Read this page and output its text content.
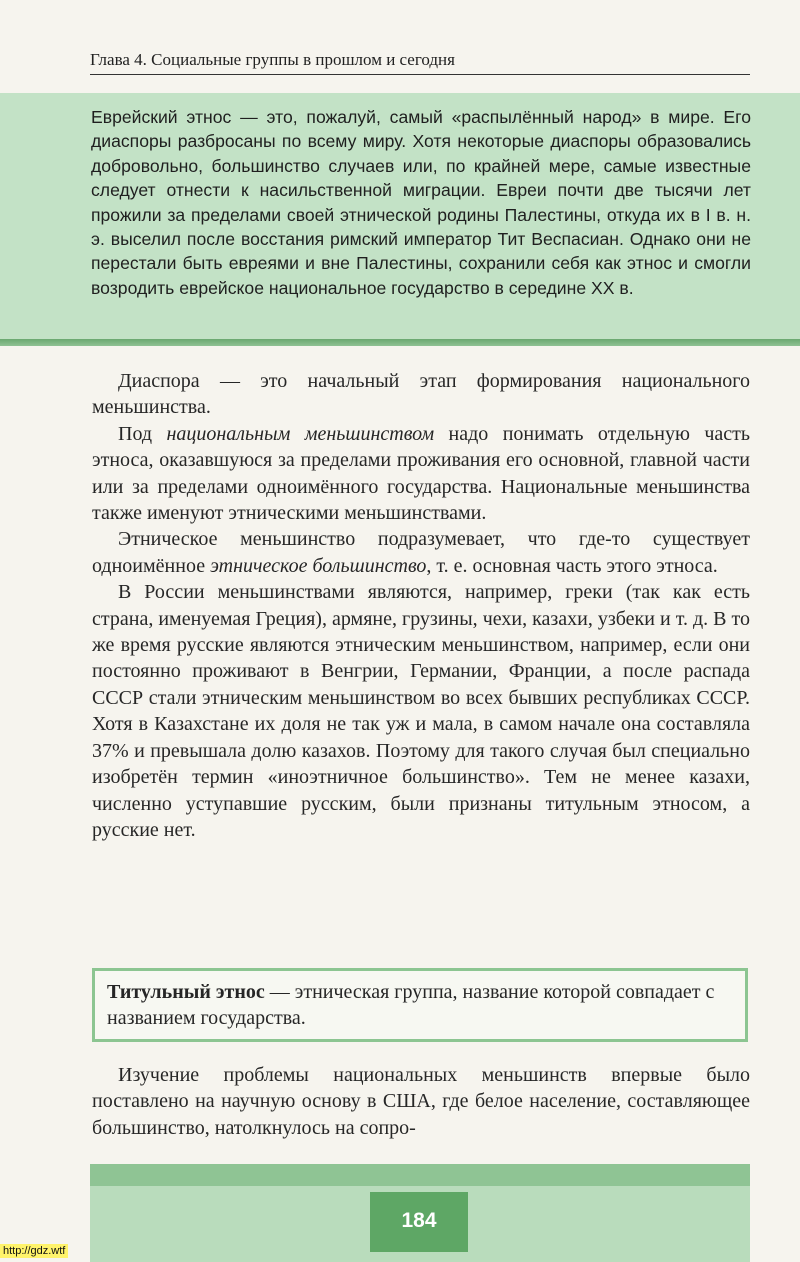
Глава 4. Социальные группы в прошлом и сегодня

Еврейский этнос — это, пожалуй, самый «распылённый народ» в мире. Его диаспоры разбросаны по всему миру. Хотя некоторые диаспоры образовались добровольно, большинство случаев или, по крайней мере, самые известные следует отнести к насильственной миграции. Евреи почти две тысячи лет прожили за пределами своей этнической родины Палестины, откуда их в I в. н. э. выселил после восстания римский император Тит Веспасиан. Однако они не перестали быть евреями и вне Палестины, сохранили себя как этнос и смогли возродить еврейское национальное государство в середине XX в.

Диаспора — это начальный этап формирования национального меньшинства.

Под национальным меньшинством надо понимать отдельную часть этноса, оказавшуюся за пределами проживания его основной, главной части или за пределами одноимённого государства. Национальные меньшинства также именуют этническими меньшинствами.

Этническое меньшинство подразумевает, что где-то существует одноимённое этническое большинство, т. е. основная часть этого этноса.

В России меньшинствами являются, например, греки (так как есть страна, именуемая Греция), армяне, грузины, чехи, казахи, узбеки и т. д. В то же время русские являются этническим меньшинством, например, если они постоянно проживают в Венгрии, Германии, Франции, а после распада СССР стали этническим меньшинством во всех бывших республиках СССР. Хотя в Казахстане их доля не так уж и мала, в самом начале она составляла 37% и превышала долю казахов. Поэтому для такого случая был специально изобретён термин «иноэтничное большинство». Тем не менее казахи, численно уступавшие русским, были признаны титульным этносом, а русские нет.

Титульный этнос — этническая группа, название которой совпадает с названием государства.

Изучение проблемы национальных меньшинств впервые было поставлено на научную основу в США, где белое население, составляющее большинство, натолкнулось на сопро-

184
http://gdz.wtf
